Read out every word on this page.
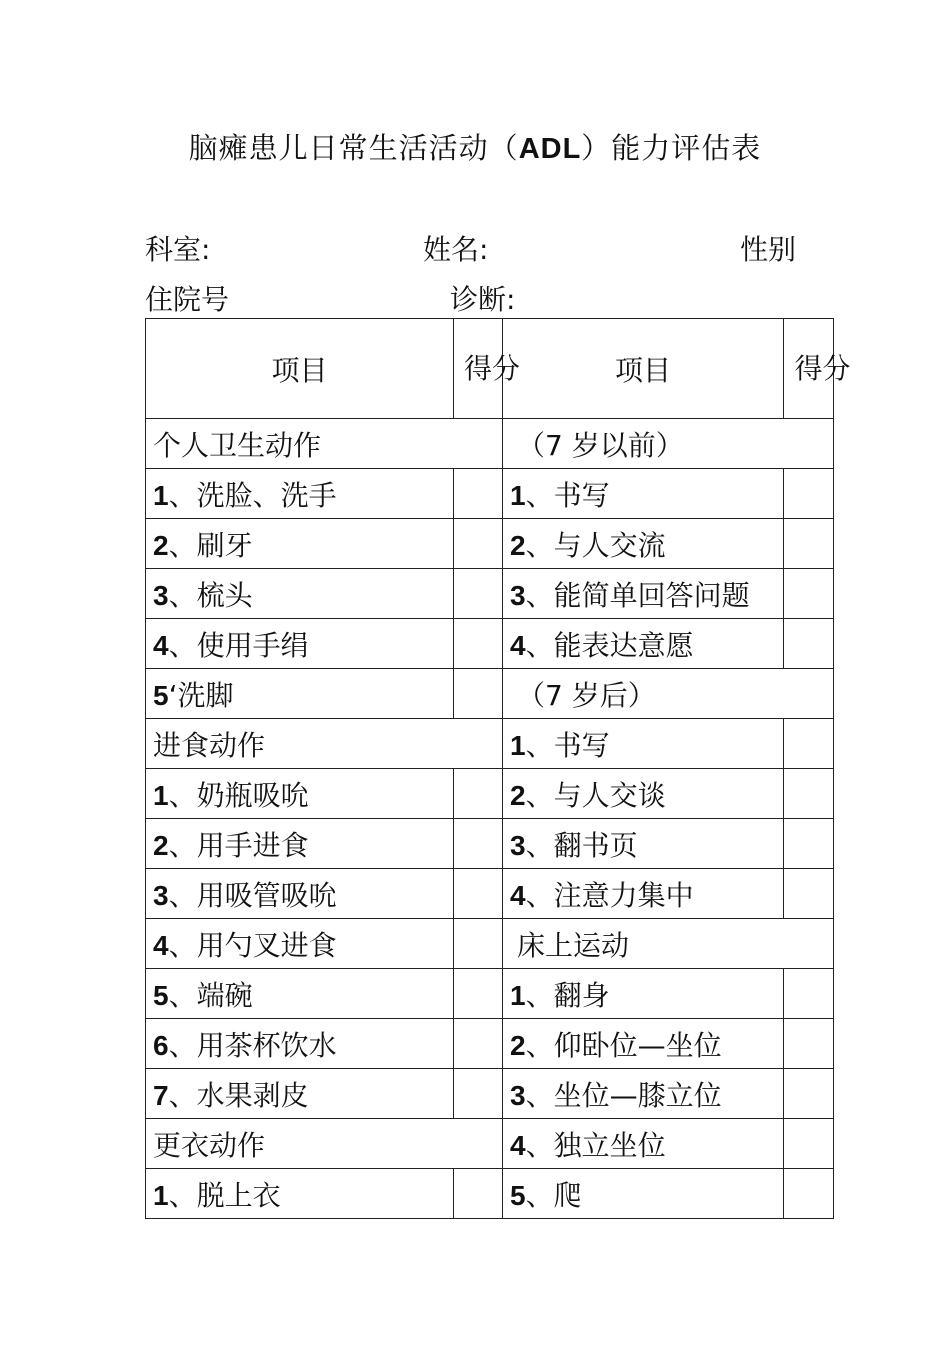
脑瘫患儿日常生活活动（ADL）能力评估表
科室:	姓名:	性别
住院号	诊断:
项目	得分	项目	得分
个人卫生动作		（7 岁以前）	
1、洗脸、洗手		1、书写	
2、刷牙		2、与人交流	
3、梳头		3、能简单回答问题	
4、使用手绢		4、能表达意愿	
5‘洗脚		（7 岁后）	
进食动作		1、书写	
1、奶瓶吸吮		2、与人交谈	
2、用手进食		3、翻书页	
3、用吸管吸吮		4、注意力集中	
4、用勺叉进食		床上运动	
5、端碗		1、翻身	
6、用茶杯饮水		2、仰卧位—坐位	
7、水果剥皮		3、坐位—膝立位	
更衣动作		4、独立坐位	
1、脱上衣		5、爬	
